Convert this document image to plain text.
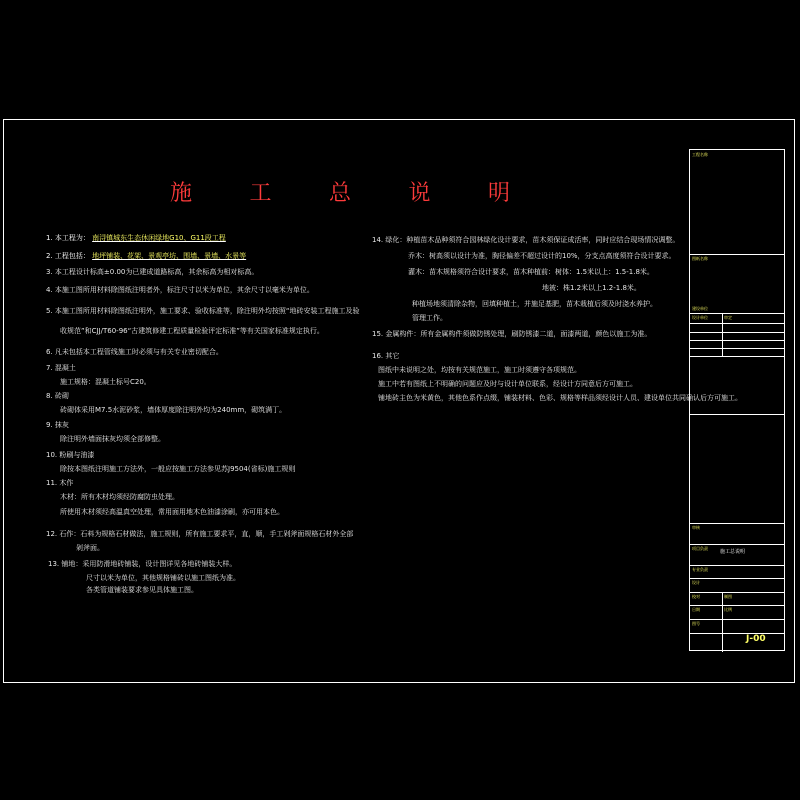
施	工	总	说	明
1. 本工程为： 南浔镇城东生态休闲绿地G10、G11段工程
2. 工程包括： 地坪铺装、花架、景观亭坊、围墙、景墙、水景等
3. 本工程设计标高±0.00为已建成道路标高，其余标高为相对标高。
4. 本施工图所用材料除图纸注明者外，标注尺寸以米为单位，其余尺寸以毫米为单位。
5. 本施工图所用材料除图纸注明外，施工要求、验收标准等，除注明外均按照“地砖安装工程施工及验
收规范”和CJJ/T60-96“古建筑修建工程质量检验评定标准”等有关国家标准规定执行。
6. 凡未包括本工程管线施工时必须与有关专业密切配合。
7. 混凝土
施工规格：混凝土标号C20。
8. 砖砌
砖砌体采用M7.5水泥砂浆，墙体厚度除注明外均为240mm，砌筑满丁。
9. 抹灰
除注明外墙面抹灰均须全部修整。
10. 粉刷与油漆
除按本图纸注明施工方法外，一般应按施工方法参见苏J9504(省标)施工规则
11. 木作
木材：所有木材均须经防腐防虫处理。
所使用木材须经高温真空处理，常用面用地木色油漆涂刷，亦可用本色。
12. 石作：石料为规格石材做法，施工规则，所有施工要求平，直，顺，手工剁斧面规格石材外全部
剁斧面。
13. 铺地：采用防滑地砖铺装，设计图详见各地砖铺装大样。
尺寸以米为单位，其他规格铺砖以施工图纸为准。
各类管道铺装要求参见具体施工图。
14. 绿化：种植苗木品种须符合园林绿化设计要求，苗木须保证成活率，同时应结合现场情况调整。
乔木：树高须以设计为准，胸径偏差不超过设计的10%，分支点高度须符合设计要求。
灌木：苗木规格须符合设计要求，苗木种植前：树体：1.5米以上：1.5-1.8米。
地被：株1.2米以上1.2-1.8米。
种植场地须清除杂物，回填种植土，并施足基肥，苗木栽植后须及时浇水养护。
管理工作。
15. 金属构件：所有金属构件须做防锈处理，刷防锈漆二道，面漆两道，颜色以施工为准。
16. 其它
图纸中未说明之处，均按有关规范施工，施工时须遵守各项规范。
施工中若有图纸上不明确的问题应及时与设计单位联系，经设计方同意后方可施工。
铺地砖主色为米黄色，其他色系作点缀，铺装材料、色彩、规格等样品须经设计人员、建设单位共同确认后方可施工。
工程名称
图纸名称
建设单位
设计单位	审定
审核
项目负责
施工总说明
专业负责
设计
校对	制图
日期	比例
图号
J-00
